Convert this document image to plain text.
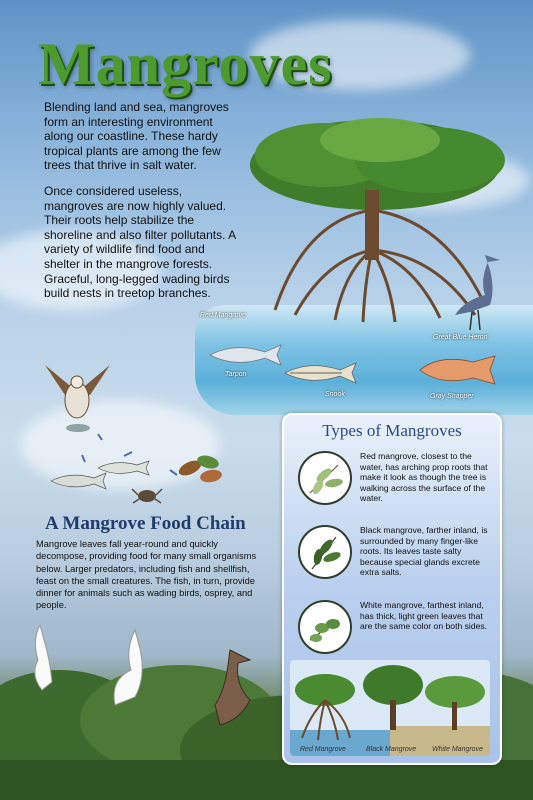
Mangroves

Blending land and sea, mangroves form an interesting environment along our coastline. These hardy tropical plants are among the few trees that thrive in salt water.

Once considered useless, mangroves are now highly valued. Their roots help stabilize the shoreline and also filter pollutants. A variety of wildlife find food and shelter in the mangrove forests. Graceful, long-legged wading birds build nests in treetop branches.

Red Mangrove
Great Blue Heron
Tarpon
Snook	Gray Snapper
A Mangrove Food Chain
Mangrove leaves fall year-round and quickly decompose, providing food for many small organisms below. Larger predators, including fish and shellfish, feast on the small creatures. The fish, in turn, provide dinner for animals such as wading birds, osprey, and people.
Types of Mangroves
Red mangrove, closest to the water, has arching prop roots that make it look as though the tree is walking across the surface of the water.
Black mangrove, farther inland, is surrounded by many finger-like roots. Its leaves taste salty because special glands excrete extra salts.
White mangrove, farthest inland, has thick, light green leaves that are the same color on both sides.
Red Mangrove	Black Mangrove White Mangrove
